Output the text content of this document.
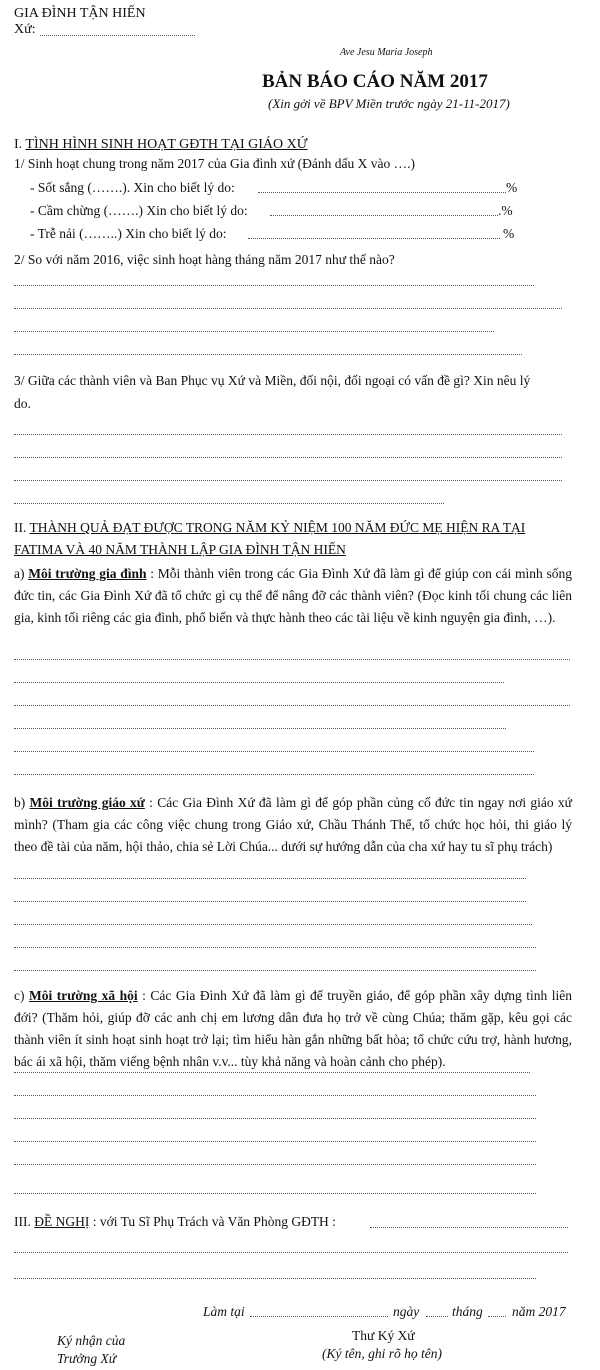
GIA ĐÌNH TẬN HIẾN
Xứ:
Ave Jesu Maria Joseph
BẢN BÁO CÁO NĂM 2017
(Xin gởi về BPV Miền trước ngày 21-11-2017)
I. TÌNH HÌNH SINH HOẠT GĐTH TẠI GIÁO XỨ
1/ Sinh hoạt chung trong năm 2017 của Gia đình xứ (Đánh dấu X vào ….)
- Sốt sắng (…….). Xin cho biết lý do:	%
- Cầm chừng (…….) Xin cho biết lý do:	.%
- Trễ nải (……..) Xin cho biết lý do:	%
2/ So với năm 2016, việc sinh hoạt hàng tháng năm 2017 như thế nào?
3/ Giữa các thành viên và Ban Phục vụ Xứ và Miền, đối nội, đối ngoại có vấn đề gì? Xin nêu lý
do.
II. THÀNH QUẢ ĐẠT ĐƯỢC TRONG NĂM KỶ NIỆM 100 NĂM ĐỨC MẸ HIỆN RA TẠI
FATIMA VÀ 40 NĂM THÀNH LẬP GIA ĐÌNH TẬN HIẾN
a) Môi trường gia đình : Mỗi thành viên trong các Gia Đình Xứ đã làm gì để giúp con cái mình sống đức tin, các Gia Đình Xứ đã tổ chức gì cụ thể để nâng đỡ các thành viên? (Đọc kinh tối chung các liên gia, kinh tối riêng các gia đình, phổ biến và thực hành theo các tài liệu về kinh nguyện gia đình, …).
b) Môi trường giáo xứ : Các Gia Đình Xứ đã làm gì để góp phần củng cố đức tin ngay nơi giáo xứ mình? (Tham gia các công việc chung trong Giáo xứ, Chầu Thánh Thể, tổ chức học hỏi, thi giáo lý theo đề tài của năm, hội thảo, chia sẻ Lời Chúa... dưới sự hướng dẫn của cha xứ hay tu sĩ phụ trách)
c) Môi trường xã hội : Các Gia Đình Xứ đã làm gì để truyền giáo, để góp phần xây dựng tình liên đới? (Thăm hỏi, giúp đỡ các anh chị em lương dân đưa họ trở về cùng Chúa; thăm gặp, kêu gọi các thành viên ít sinh hoạt sinh hoạt trở lại; tìm hiểu hàn gắn những bất hòa; tổ chức cứu trợ, hành hương, bác ái xã hội, thăm viếng bệnh nhân v.v... tùy khả năng và hoàn cảnh cho phép).
III. ĐỀ NGHỊ : với Tu Sĩ Phụ Trách và Văn Phòng GĐTH :
Làm tại	ngày tháng năm 2017
Ký nhận của
Trưởng Xứ
Thư Ký Xứ
(Ký tên, ghi rõ họ tên)
